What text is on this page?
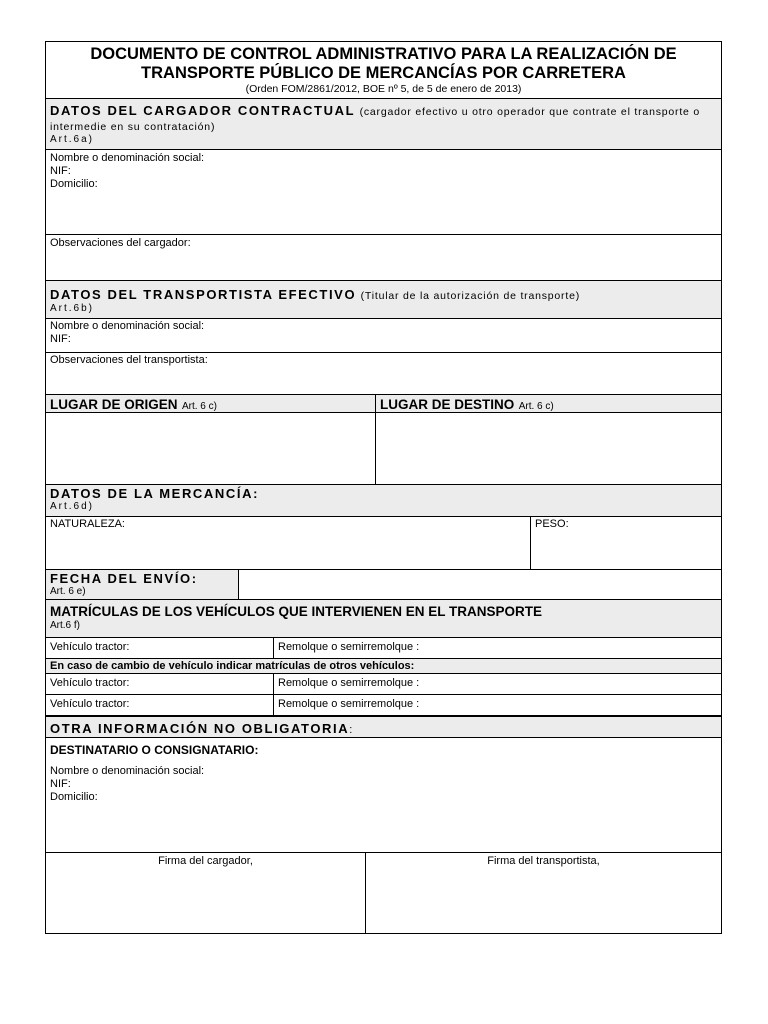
DOCUMENTO DE CONTROL ADMINISTRATIVO PARA LA REALIZACIÓN DE
TRANSPORTE PÚBLICO DE MERCANCÍAS POR CARRETERA
(Orden FOM/2861/2012, BOE nº 5, de 5 de enero de 2013)
DATOS DEL CARGADOR CONTRACTUAL (cargador efectivo u otro operador que contrate el transporte o intermedie en su contratación)
Art.6a)
Nombre o denominación social:
NIF:
Domicilio:
Observaciones del cargador:
DATOS DEL TRANSPORTISTA EFECTIVO (Titular de la autorización de transporte)
Art.6b)
Nombre o denominación social:
NIF:
Observaciones del transportista:
LUGAR DE ORIGEN Art. 6 c)	LUGAR DE DESTINO Art. 6 c)
DATOS DE LA MERCANCÍA:
Art.6d)
NATURALEZA:	PESO:
FECHA DEL ENVÍO:
Art. 6 e)
MATRÍCULAS DE LOS VEHÍCULOS QUE INTERVIENEN EN EL TRANSPORTE
Art.6 f)
Vehículo tractor:	Remolque o semirremolque :
En caso de cambio de vehículo indicar matrículas de otros vehículos:
Vehículo tractor:	Remolque o semirremolque :
Vehículo tractor:	Remolque o semirremolque :
OTRA INFORMACIÓN NO OBLIGATORIA:
DESTINATARIO O CONSIGNATARIO:
Nombre o denominación social:
NIF:
Domicilio:
Firma del cargador,	Firma del transportista,
